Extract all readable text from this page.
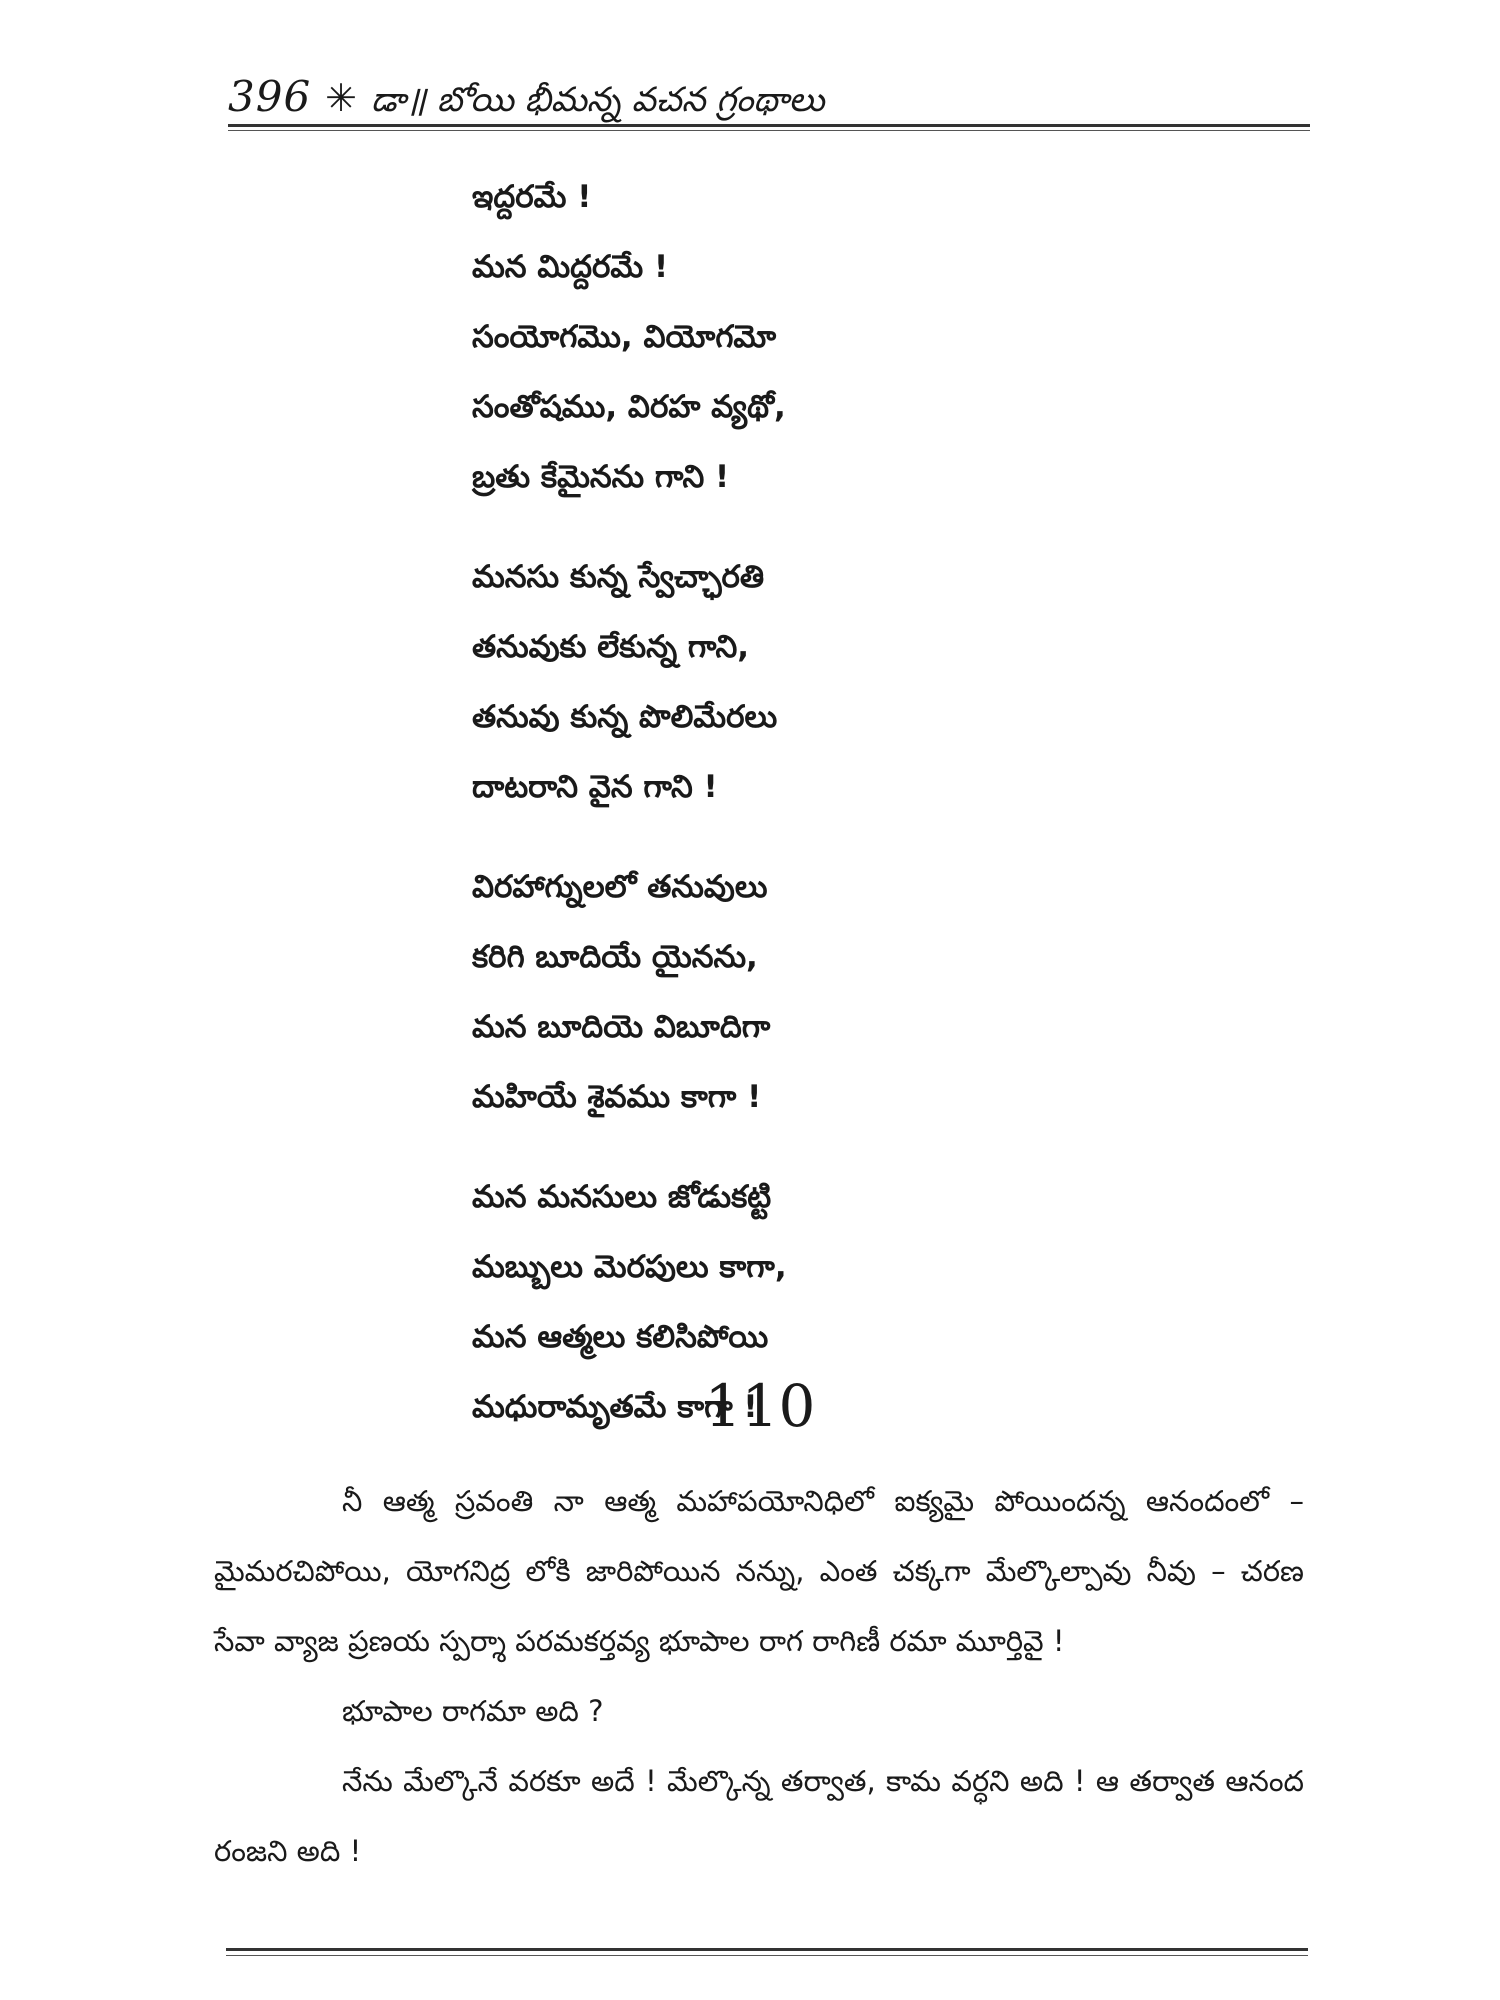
396 ✳ డా॥ బోయి భీమన్న వచన గ్రంథాలు
ఇద్దరమే !
మన మిద్దరమే !
సంయోగమొ, వియోగమో
సంతోషము, విరహ వ్యథో,
బ్రతు కేమైనను గాని !
మనసు కున్న స్వేచ్ఛారతి
తనువుకు లేకున్న గాని,
తనువు కున్న పొలిమేరలు
దాటరాని వైన గాని !
విరహాగ్నులలో తనువులు
కరిగి బూదియే యైనను,
మన బూదియె విబూదిగా
మహియే శైవము కాగా !
మన మనసులు జోడుకట్టి
మబ్బులు మెరపులు కాగా,
మన ఆత్మలు కలిసిపోయి
మధురామృతమే కాగా !
110

నీ ఆత్మ స్రవంతి నా ఆత్మ మహాపయోనిధిలో ఐక్యమై పోయిందన్న ఆనందంలో – మైమరచిపోయి, యోగనిద్ర లోకి జారిపోయిన నన్ను, ఎంత చక్కగా మేల్కొల్పావు నీవు – చరణ సేవా వ్యాజ ప్రణయ స్పర్శా పరమకర్తవ్య భూపాల రాగ రాగిణీ రమా మూర్తివై !

భూపాల రాగమా అది ?

నేను మేల్కొనే వరకూ అదే ! మేల్కొన్న తర్వాత, కామ వర్ధని అది ! ఆ తర్వాత ఆనంద రంజని అది !
